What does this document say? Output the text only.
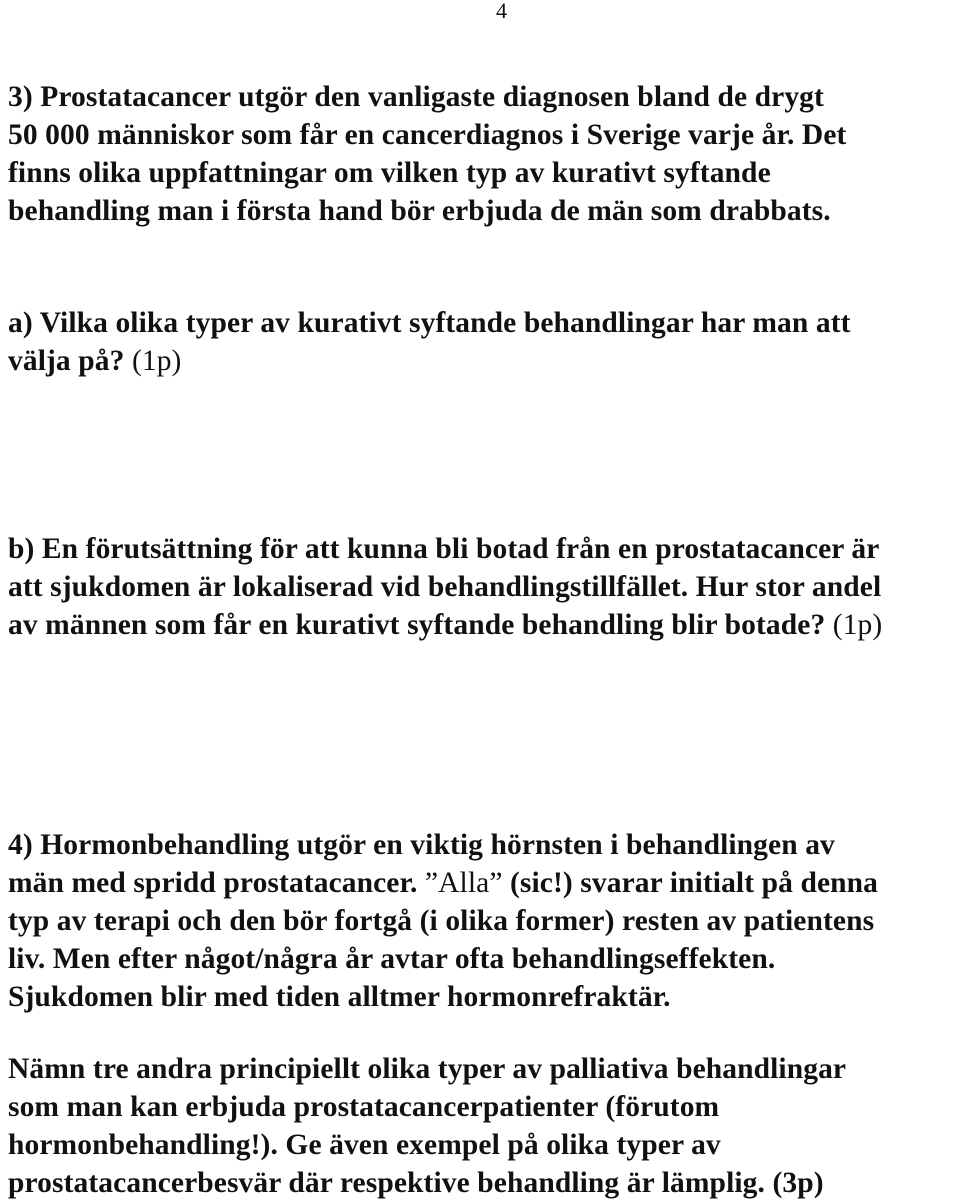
4
3) Prostatacancer utgör den vanligaste diagnosen bland de drygt
50 000 människor som får en cancerdiagnos i Sverige varje år. Det
finns olika uppfattningar om vilken typ av kurativt syftande
behandling man i första hand bör erbjuda de män som drabbats.
a) Vilka olika typer av kurativt syftande behandlingar har man att
välja på? (1p)
b) En förutsättning för att kunna bli botad från en prostatacancer är
att sjukdomen är lokaliserad vid behandlingstillfället. Hur stor andel
av männen som får en kurativt syftande behandling blir botade? (1p)
4) Hormonbehandling utgör en viktig hörnsten i behandlingen av
män med spridd prostatacancer. ”Alla” (sic!) svarar initialt på denna
typ av terapi och den bör fortgå (i olika former) resten av patientens
liv. Men efter något/några år avtar ofta behandlingseffekten.
Sjukdomen blir med tiden alltmer hormonrefraktär.
Nämn tre andra principiellt olika typer av palliativa behandlingar
som man kan erbjuda prostatacancerpatienter (förutom
hormonbehandling!). Ge även exempel på olika typer av
prostatacancerbesvär där respektive behandling är lämplig. (3p)
